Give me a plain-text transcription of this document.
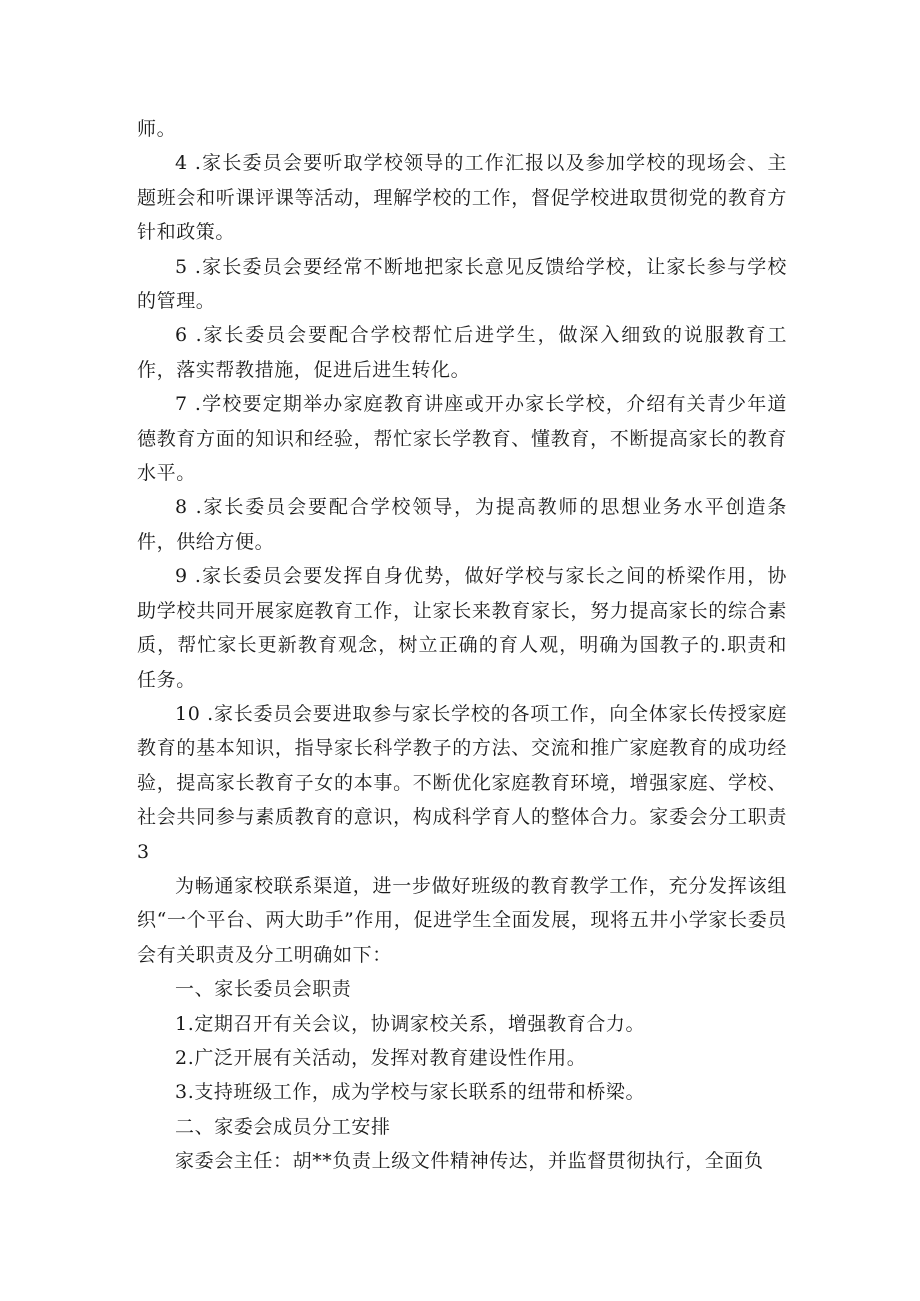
师。

4 .家长委员会要听取学校领导的工作汇报以及参加学校的现场会、主题班会和听课评课等活动，理解学校的工作，督促学校进取贯彻党的教育方针和政策。

5 .家长委员会要经常不断地把家长意见反馈给学校，让家长参与学校的管理。

6 .家长委员会要配合学校帮忙后进学生，做深入细致的说服教育工作，落实帮教措施，促进后进生转化。

7 .学校要定期举办家庭教育讲座或开办家长学校，介绍有关青少年道德教育方面的知识和经验，帮忙家长学教育、懂教育，不断提高家长的教育水平。

8 .家长委员会要配合学校领导，为提高教师的思想业务水平创造条件，供给方便。

9 .家长委员会要发挥自身优势，做好学校与家长之间的桥梁作用，协助学校共同开展家庭教育工作，让家长来教育家长，努力提高家长的综合素质，帮忙家长更新教育观念，树立正确的育人观，明确为国教子的.职责和任务。

10 .家长委员会要进取参与家长学校的各项工作，向全体家长传授家庭教育的基本知识，指导家长科学教子的方法、交流和推广家庭教育的成功经验，提高家长教育子女的本事。不断优化家庭教育环境，增强家庭、学校、社会共同参与素质教育的意识，构成科学育人的整体合力。家委会分工职责3

为畅通家校联系渠道，进一步做好班级的教育教学工作，充分发挥该组织“一个平台、两大助手”作用，促进学生全面发展，现将五井小学家长委员会有关职责及分工明确如下：

一、家长委员会职责

1.定期召开有关会议，协调家校关系，增强教育合力。

2.广泛开展有关活动，发挥对教育建设性作用。

3.支持班级工作，成为学校与家长联系的纽带和桥梁。

二、家委会成员分工安排

家委会主任：胡**负责上级文件精神传达，并监督贯彻执行，全面负
